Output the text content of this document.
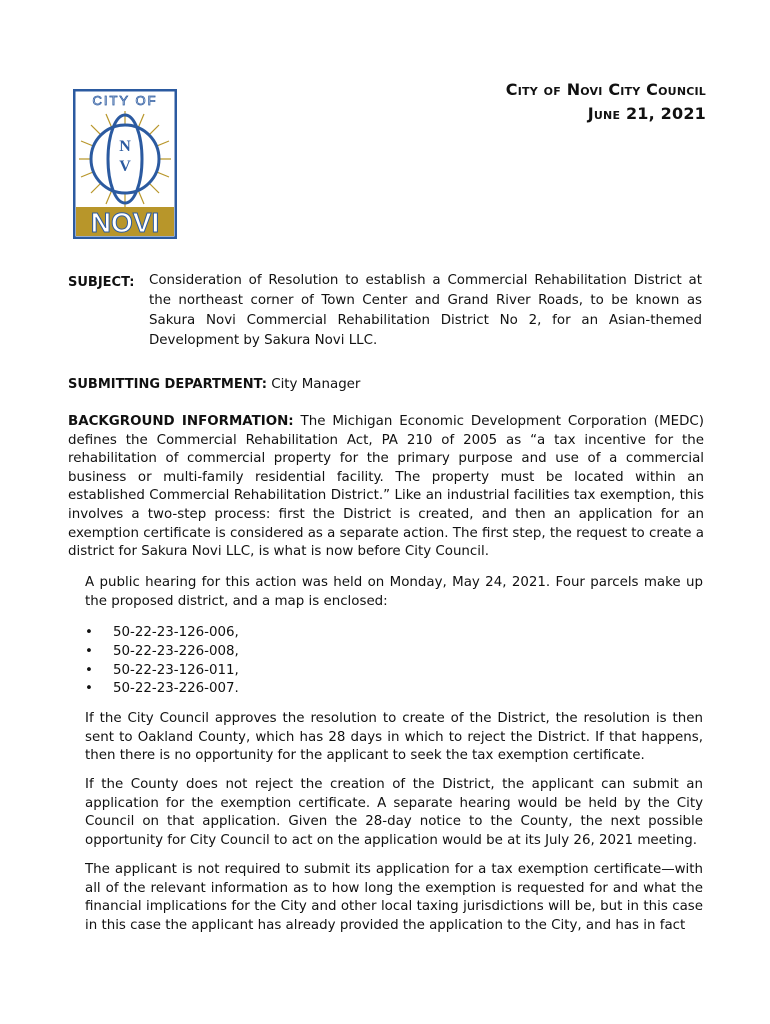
CITY OF
N
V
NOVI
City of Novi City Council
June 21, 2021
SUBJECT: Consideration of Resolution to establish a Commercial Rehabilitation District at the northeast corner of Town Center and Grand River Roads, to be known as Sakura Novi Commercial Rehabilitation District No 2, for an Asian-themed Development by Sakura Novi LLC.
SUBMITTING DEPARTMENT: City Manager
BACKGROUND INFORMATION: The Michigan Economic Development Corporation (MEDC) defines the Commercial Rehabilitation Act, PA 210 of 2005 as “a tax incentive for the rehabilitation of commercial property for the primary purpose and use of a commercial business or multi-family residential facility. The property must be located within an established Commercial Rehabilitation District.” Like an industrial facilities tax exemption, this involves a two-step process: first the District is created, and then an application for an exemption certificate is considered as a separate action. The first step, the request to create a district for Sakura Novi LLC, is what is now before City Council.
A public hearing for this action was held on Monday, May 24, 2021. Four parcels make up the proposed district, and a map is enclosed:
• 50-22-23-126-006,
• 50-22-23-226-008,
• 50-22-23-126-011,
• 50-22-23-226-007.
If the City Council approves the resolution to create of the District, the resolution is then sent to Oakland County, which has 28 days in which to reject the District. If that happens, then there is no opportunity for the applicant to seek the tax exemption certificate.
If the County does not reject the creation of the District, the applicant can submit an application for the exemption certificate. A separate hearing would be held by the City Council on that application. Given the 28-day notice to the County, the next possible opportunity for City Council to act on the application would be at its July 26, 2021 meeting.
The applicant is not required to submit its application for a tax exemption certificate—with all of the relevant information as to how long the exemption is requested for and what the financial implications for the City and other local taxing jurisdictions will be, but in this case in this case the applicant has already provided the application to the City, and has in fact
